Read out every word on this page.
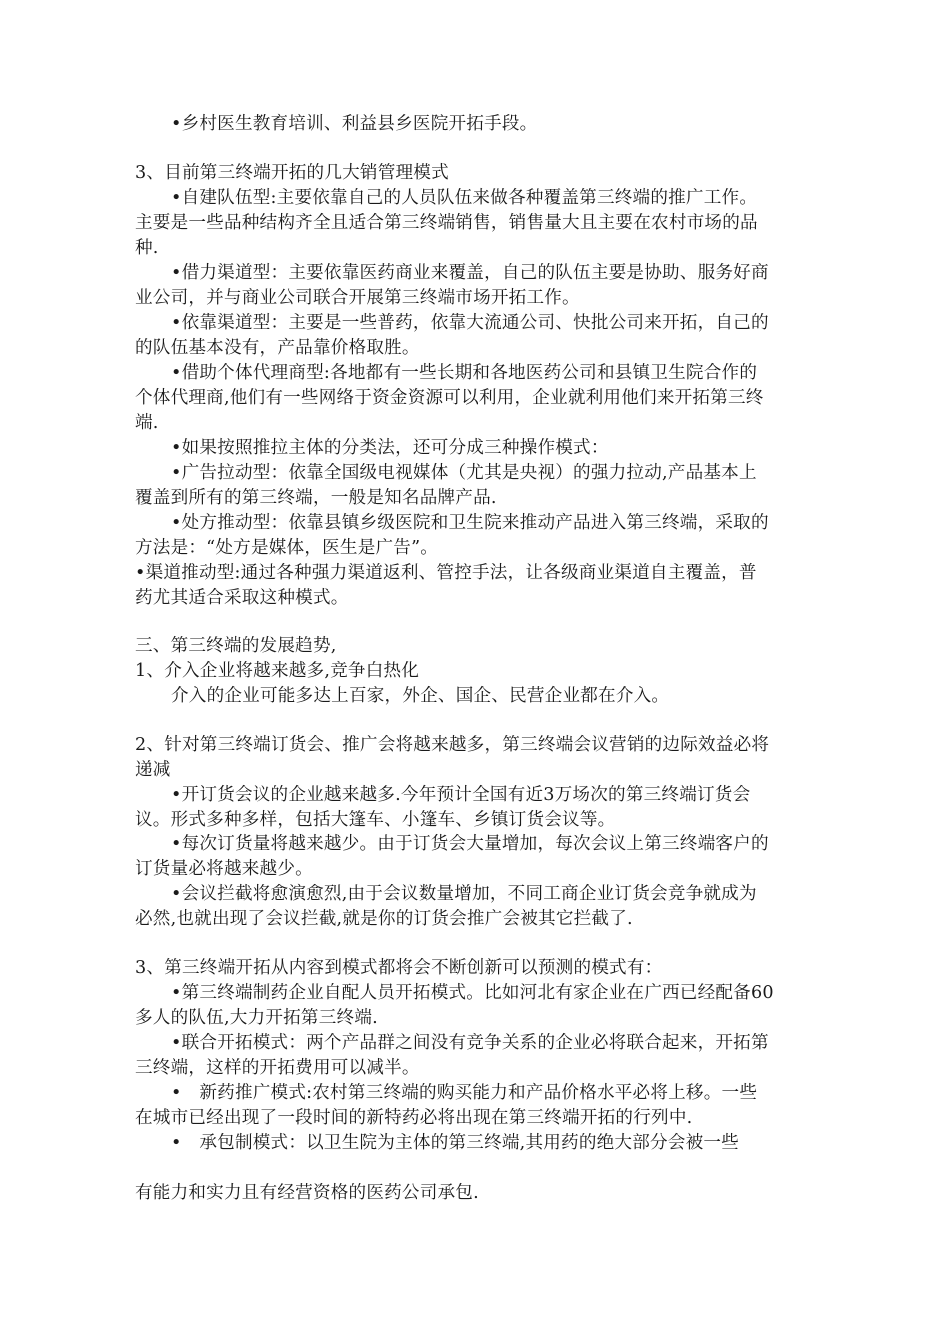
•乡村医生教育培训、利益县乡医院开拓手段。
3、目前第三终端开拓的几大销管理模式
•自建队伍型:主要依靠自己的人员队伍来做各种覆盖第三终端的推广工作。
主要是一些品种结构齐全且适合第三终端销售，销售量大且主要在农村市场的品
种.
•借力渠道型：主要依靠医药商业来覆盖，自己的队伍主要是协助、服务好商
业公司，并与商业公司联合开展第三终端市场开拓工作。
•依靠渠道型：主要是一些普药，依靠大流通公司、快批公司来开拓，自己的
的队伍基本没有，产品靠价格取胜。
•借助个体代理商型:各地都有一些长期和各地医药公司和县镇卫生院合作的
个体代理商,他们有一些网络于资金资源可以利用，企业就利用他们来开拓第三终
端.
•如果按照推拉主体的分类法，还可分成三种操作模式：
•广告拉动型：依靠全国级电视媒体（尤其是央视）的强力拉动,产品基本上
覆盖到所有的第三终端，一般是知名品牌产品.
•处方推动型：依靠县镇乡级医院和卫生院来推动产品进入第三终端，采取的
方法是：“处方是媒体，医生是广告”。
•渠道推动型:通过各种强力渠道返利、管控手法，让各级商业渠道自主覆盖，普
药尤其适合采取这种模式。
三、第三终端的发展趋势,
1、介入企业将越来越多,竞争白热化
介入的企业可能多达上百家，外企、国企、民营企业都在介入。
2、针对第三终端订货会、推广会将越来越多，第三终端会议营销的边际效益必将
递减
•开订货会议的企业越来越多.今年预计全国有近3万场次的第三终端订货会
议。形式多种多样，包括大篷车、小篷车、乡镇订货会议等。
•每次订货量将越来越少。由于订货会大量增加，每次会议上第三终端客户的
订货量必将越来越少。
•会议拦截将愈演愈烈,由于会议数量增加，不同工商企业订货会竞争就成为
必然,也就出现了会议拦截,就是你的订货会推广会被其它拦截了.
3、第三终端开拓从内容到模式都将会不断创新可以预测的模式有：
•第三终端制药企业自配人员开拓模式。比如河北有家企业在广西已经配备60
多人的队伍,大力开拓第三终端.
•联合开拓模式：两个产品群之间没有竞争关系的企业必将联合起来，开拓第
三终端，这样的开拓费用可以减半。
•　新药推广模式:农村第三终端的购买能力和产品价格水平必将上移。一些
在城市已经出现了一段时间的新特药必将出现在第三终端开拓的行列中.
•　承包制模式：以卫生院为主体的第三终端,其用药的绝大部分会被一些
有能力和实力且有经营资格的医药公司承包.
